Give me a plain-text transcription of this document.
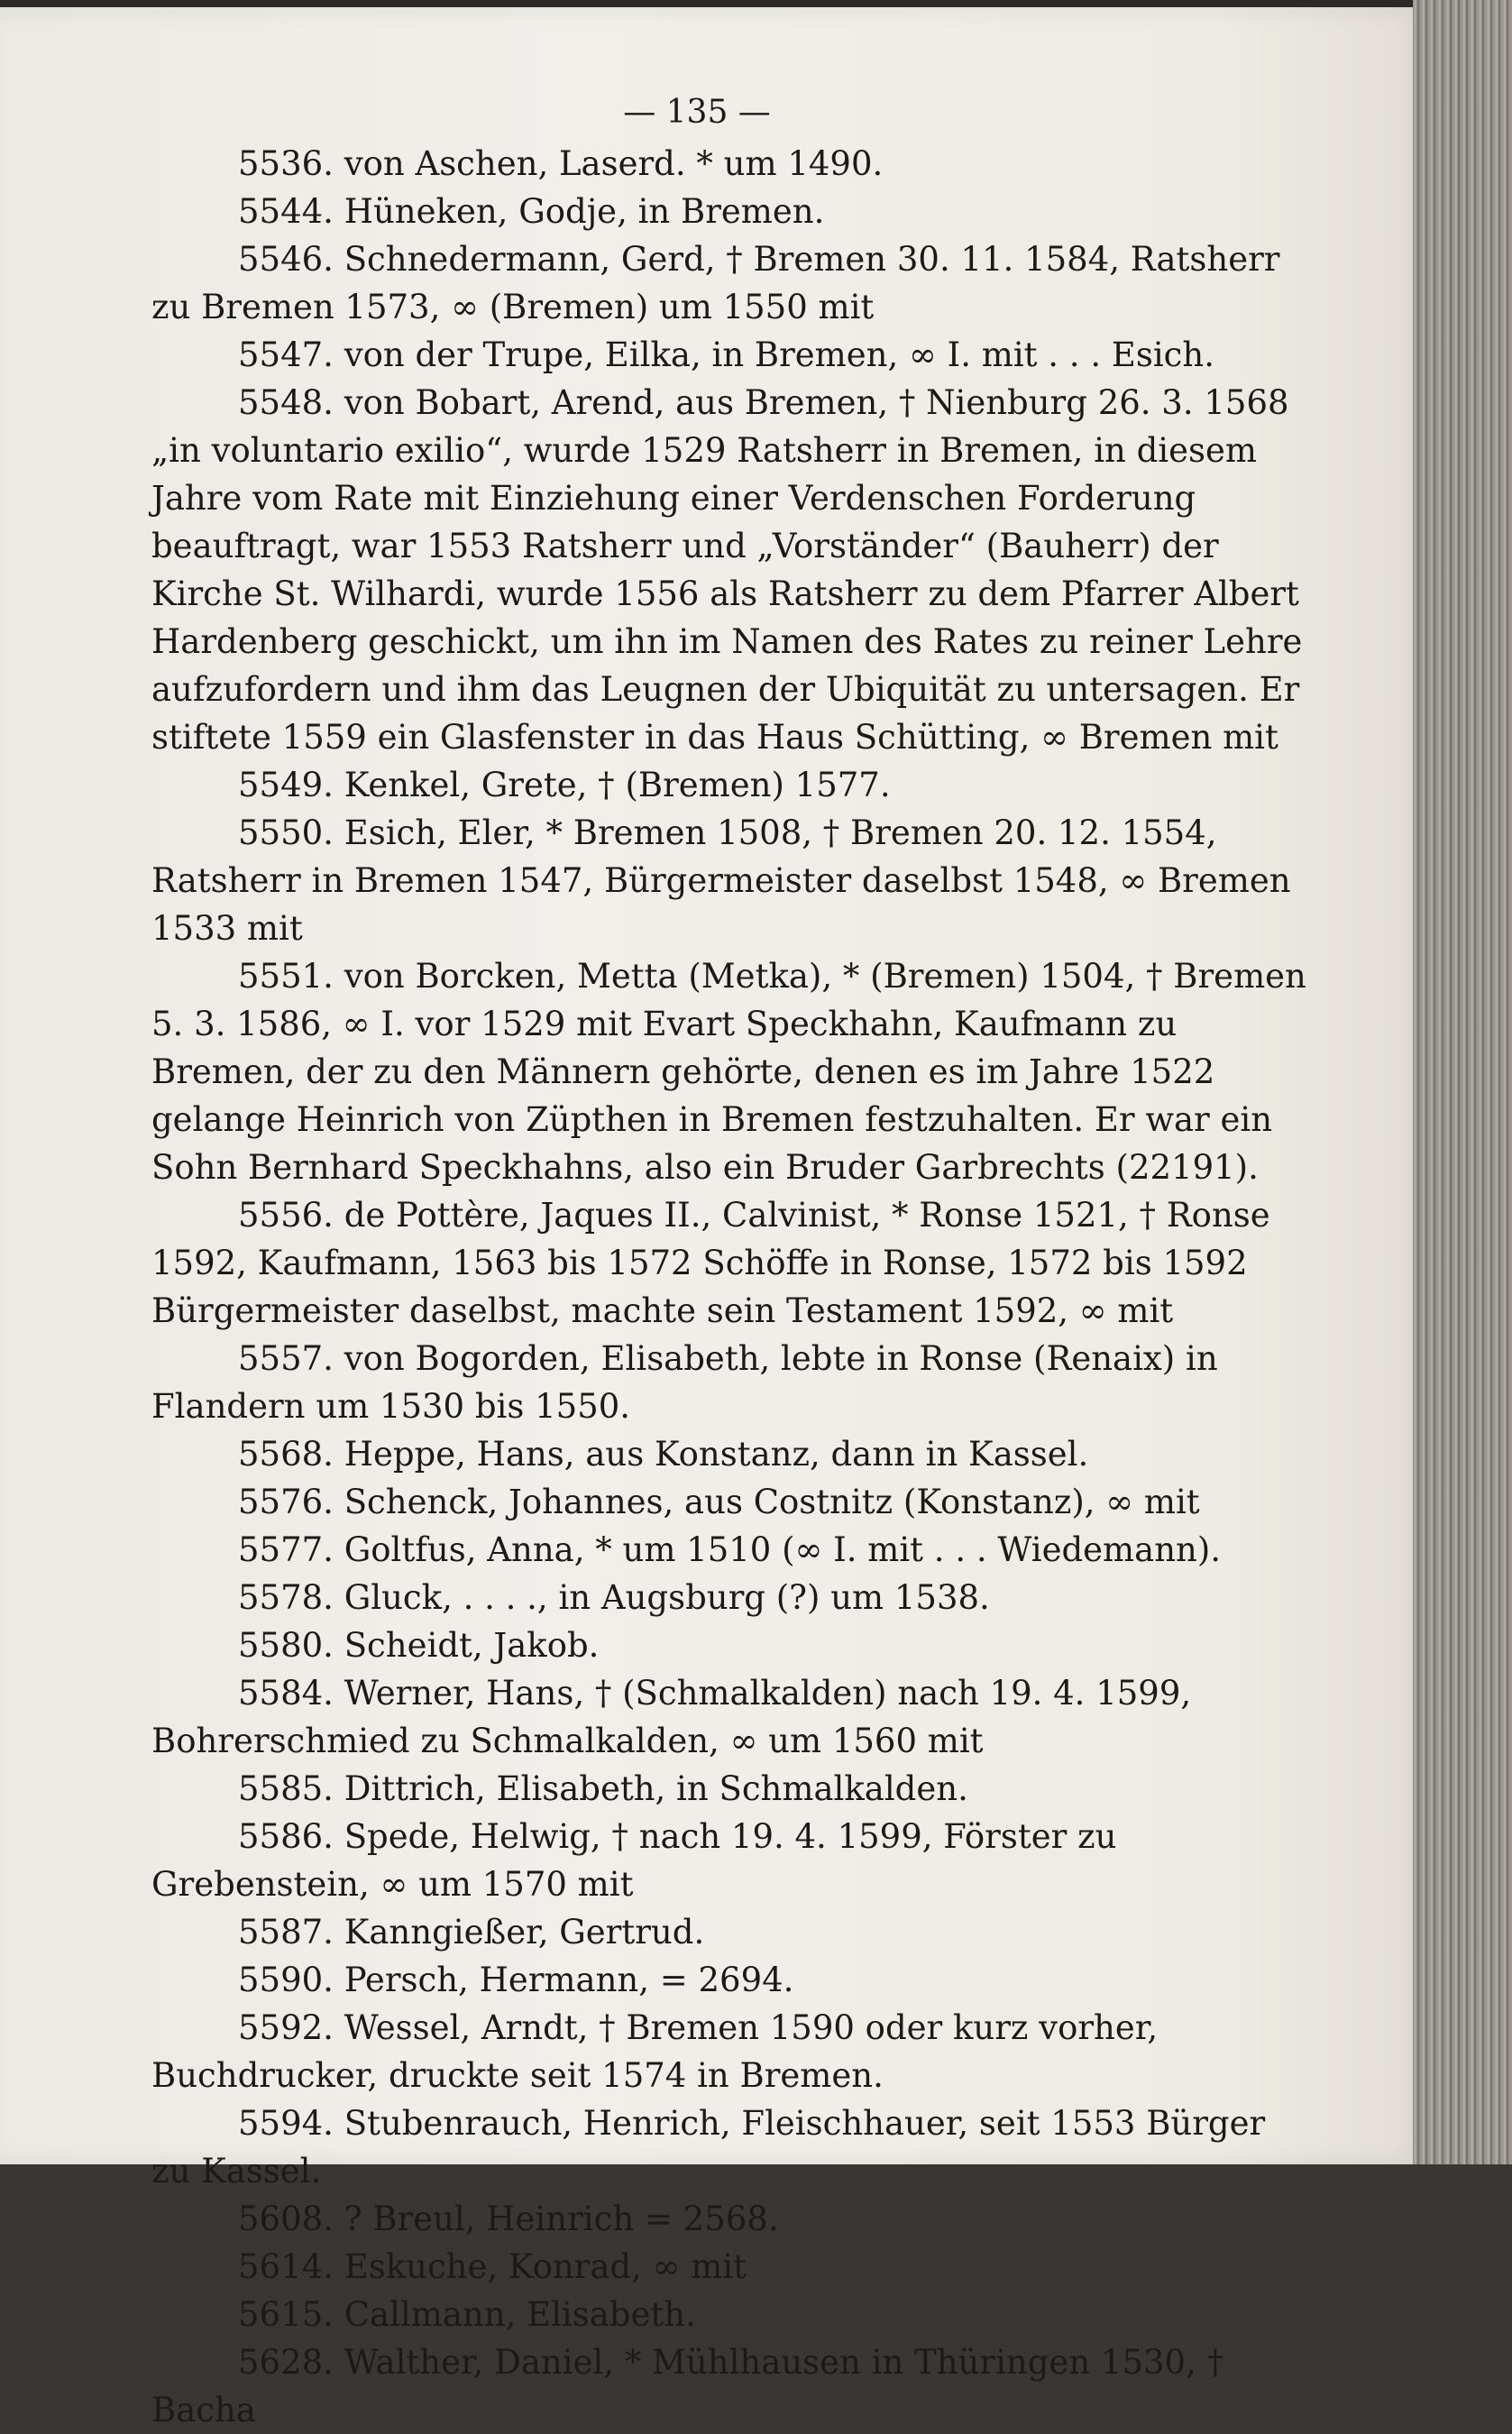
— 135 —
5536. von Aschen, Laserd. * um 1490.
5544. Hüneken, Godje, in Bremen.
5546. Schnedermann, Gerd, † Bremen 30. 11. 1584, Ratsherr zu Bremen 1573, ∞ (Bremen) um 1550 mit
5547. von der Trupe, Eilka, in Bremen, ∞ I. mit . . . Esich.
5548. von Bobart, Arend, aus Bremen, † Nienburg 26. 3. 1568 „in voluntario exilio“, wurde 1529 Ratsherr in Bremen, in diesem Jahre vom Rate mit Einziehung einer Verdenschen Forderung beauftragt, war 1553 Ratsherr und „Vorständer“ (Bauherr) der Kirche St. Wilhardi, wurde 1556 als Ratsherr zu dem Pfarrer Albert Hardenberg geschickt, um ihn im Namen des Rates zu reiner Lehre aufzufordern und ihm das Leugnen der Ubiquität zu untersagen. Er stiftete 1559 ein Glasfenster in das Haus Schütting, ∞ Bremen mit
5549. Kenkel, Grete, † (Bremen) 1577.
5550. Esich, Eler, * Bremen 1508, † Bremen 20. 12. 1554, Ratsherr in Bremen 1547, Bürgermeister daselbst 1548, ∞ Bremen 1533 mit
5551. von Borcken, Metta (Metka), * (Bremen) 1504, † Bremen 5. 3. 1586, ∞ I. vor 1529 mit Evart Speckhahn, Kaufmann zu Bremen, der zu den Männern gehörte, denen es im Jahre 1522 gelange Heinrich von Züpthen in Bremen festzuhalten. Er war ein Sohn Bernhard Speckhahns, also ein Bruder Garbrechts (22191).
5556. de Pottère, Jaques II., Calvinist, * Ronse 1521, † Ronse 1592, Kaufmann, 1563 bis 1572 Schöffe in Ronse, 1572 bis 1592 Bürgermeister daselbst, machte sein Testament 1592, ∞ mit
5557. von Bogorden, Elisabeth, lebte in Ronse (Renaix) in Flandern um 1530 bis 1550.
5568. Heppe, Hans, aus Konstanz, dann in Kassel.
5576. Schenck, Johannes, aus Costnitz (Konstanz), ∞ mit
5577. Goltfus, Anna, * um 1510 (∞ I. mit . . . Wiedemann).
5578. Gluck, . . . ., in Augsburg (?) um 1538.
5580. Scheidt, Jakob.
5584. Werner, Hans, † (Schmalkalden) nach 19. 4. 1599, Bohrerschmied zu Schmalkalden, ∞ um 1560 mit
5585. Dittrich, Elisabeth, in Schmalkalden.
5586. Spede, Helwig, † nach 19. 4. 1599, Förster zu Grebenstein, ∞ um 1570 mit
5587. Kanngießer, Gertrud.
5590. Persch, Hermann, = 2694.
5592. Wessel, Arndt, † Bremen 1590 oder kurz vorher, Buchdrucker, druckte seit 1574 in Bremen.
5594. Stubenrauch, Henrich, Fleischhauer, seit 1553 Bürger zu Kassel.
5608. ? Breul, Heinrich = 2568.
5614. Eskuche, Konrad, ∞ mit
5615. Callmann, Elisabeth.
5628. Walther, Daniel, * Mühlhausen in Thüringen 1530, † Bacha
